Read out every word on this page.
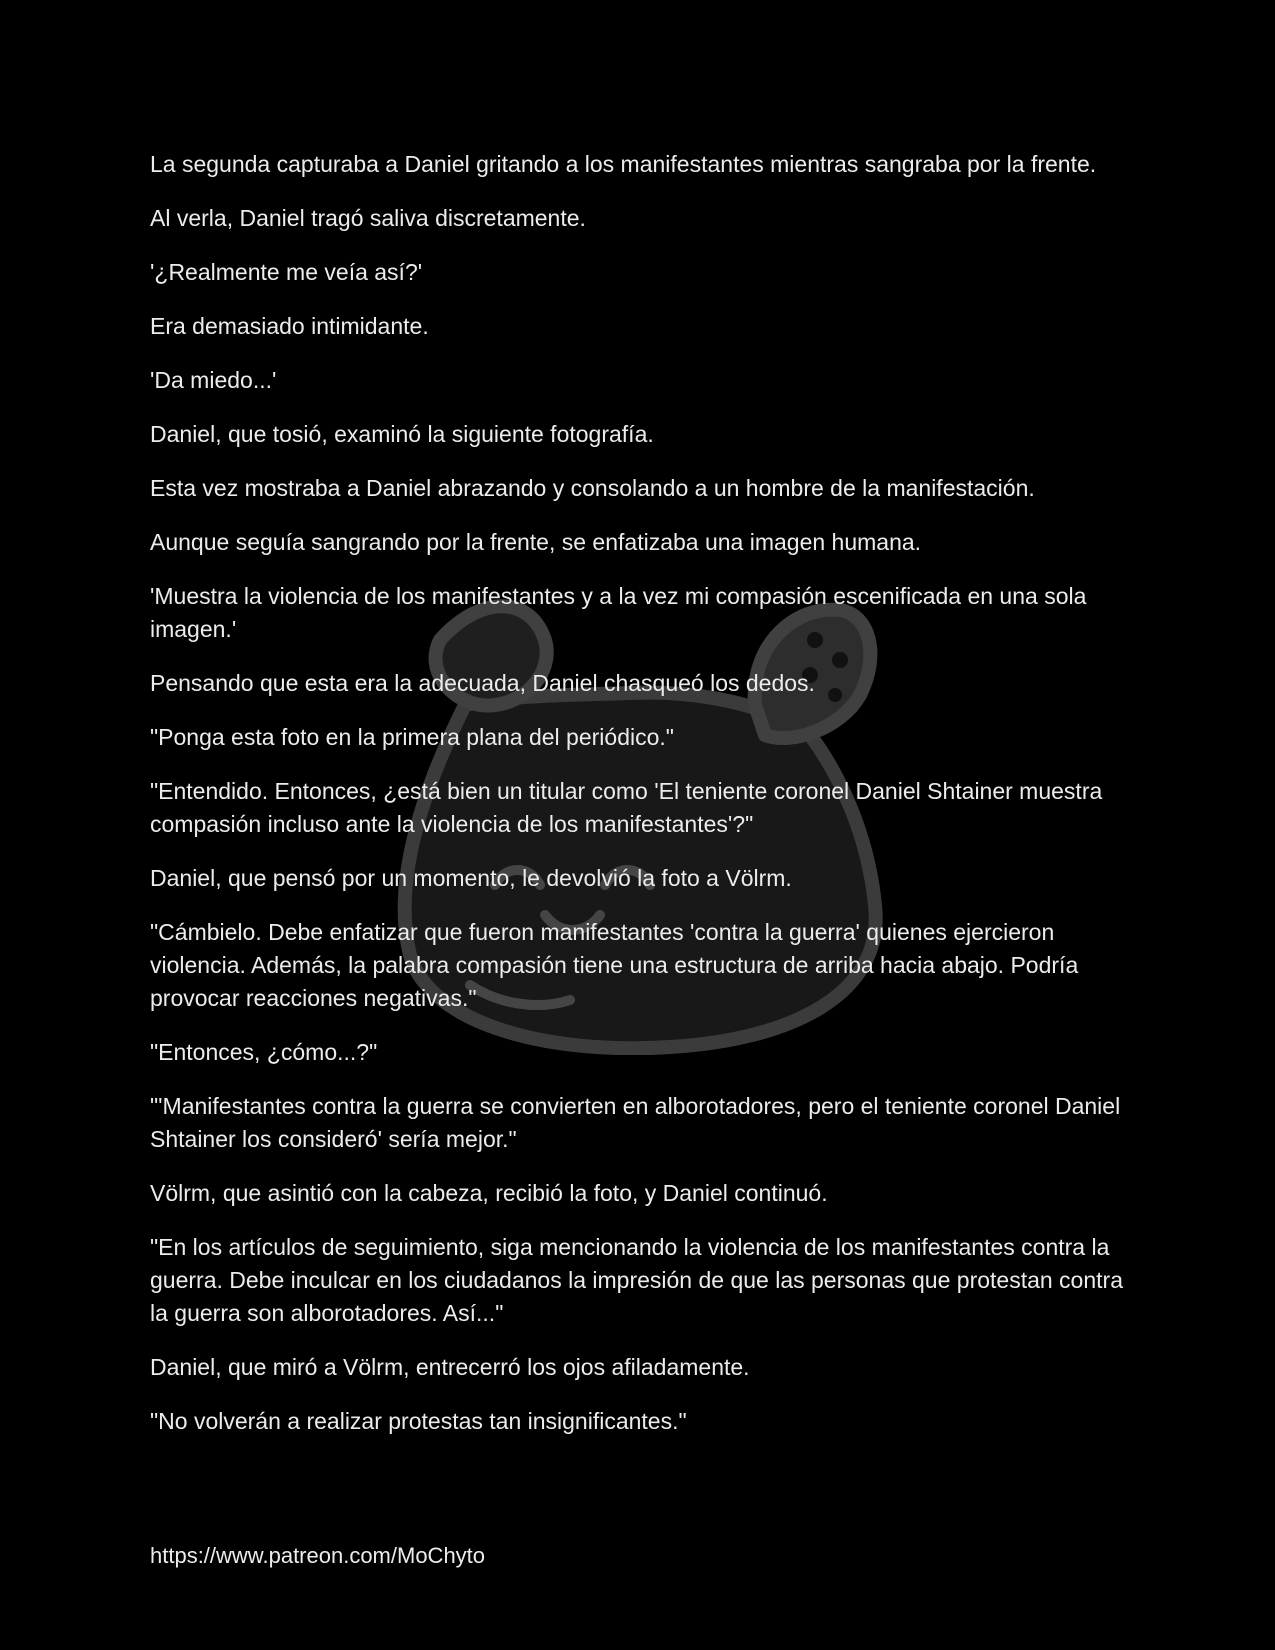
La segunda capturaba a Daniel gritando a los manifestantes mientras sangraba por la frente.

Al verla, Daniel tragó saliva discretamente.

'¿Realmente me veía así?'

Era demasiado intimidante.

'Da miedo...'

Daniel, que tosió, examinó la siguiente fotografía.

Esta vez mostraba a Daniel abrazando y consolando a un hombre de la manifestación.

Aunque seguía sangrando por la frente, se enfatizaba una imagen humana.

'Muestra la violencia de los manifestantes y a la vez mi compasión escenificada en una sola imagen.'

Pensando que esta era la adecuada, Daniel chasqueó los dedos.

"Ponga esta foto en la primera plana del periódico."

"Entendido. Entonces, ¿está bien un titular como 'El teniente coronel Daniel Shtainer muestra compasión incluso ante la violencia de los manifestantes'?"

Daniel, que pensó por un momento, le devolvió la foto a Völrm.

"Cámbielo. Debe enfatizar que fueron manifestantes 'contra la guerra' quienes ejercieron violencia. Además, la palabra compasión tiene una estructura de arriba hacia abajo. Podría provocar reacciones negativas."

"Entonces, ¿cómo...?"

"'Manifestantes contra la guerra se convierten en alborotadores, pero el teniente coronel Daniel Shtainer los consideró' sería mejor."

Völrm, que asintió con la cabeza, recibió la foto, y Daniel continuó.

"En los artículos de seguimiento, siga mencionando la violencia de los manifestantes contra la guerra. Debe inculcar en los ciudadanos la impresión de que las personas que protestan contra la guerra son alborotadores. Así..."

Daniel, que miró a Völrm, entrecerró los ojos afiladamente.

"No volverán a realizar protestas tan insignificantes."

https://www.patreon.com/MoChyto
